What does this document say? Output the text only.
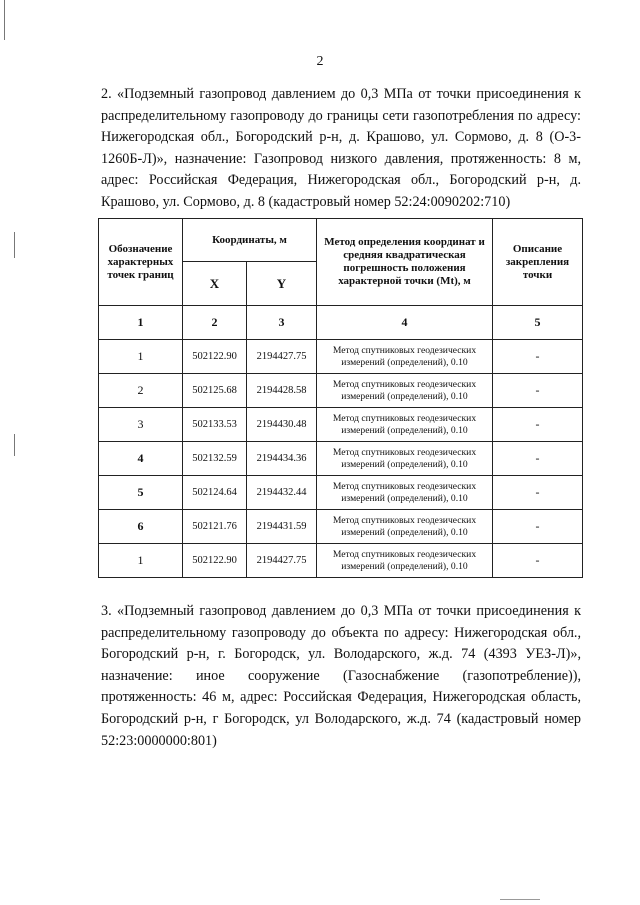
2
2. «Подземный газопровод давлением до 0,3 МПа от точки присоединения к распределительному газопроводу до границы сети газопотребления по адресу: Нижегородская обл., Богородский р-н, д. Крашово, ул. Сормово, д. 8 (О-3-1260Б-Л)», назначение: Газопровод низкого давления, протяженность: 8 м, адрес: Российская Федерация, Нижегородская обл., Богородский р-н, д. Крашово, ул. Сормово, д. 8 (кадастровый номер 52:24:0090202:710)
Обозначение характерных точек границ	Координаты, м		Метод определения координат и средняя квадратическая погрешность положения характерной точки (Mt), м	Описание закрепления точки
	X	Y		
1	2	3	4	5
1	502122.90	2194427.75	Метод спутниковых геодезических измерений (определений), 0.10	-
2	502125.68	2194428.58	Метод спутниковых геодезических измерений (определений), 0.10	-
3	502133.53	2194430.48	Метод спутниковых геодезических измерений (определений), 0.10	-
4	502132.59	2194434.36	Метод спутниковых геодезических измерений (определений), 0.10	-
5	502124.64	2194432.44	Метод спутниковых геодезических измерений (определений), 0.10	-
6	502121.76	2194431.59	Метод спутниковых геодезических измерений (определений), 0.10	-
1	502122.90	2194427.75	Метод спутниковых геодезических измерений (определений), 0.10	-
3. «Подземный газопровод давлением до 0,3 МПа от точки присоединения к распределительному газопроводу до объекта по адресу: Нижегородская обл., Богородский р-н, г. Богородск, ул. Володарского, ж.д. 74 (4393 УЕЗ-Л)», назначение: иное сооружение (Газоснабжение (газопотребление)), протяженность: 46 м, адрес: Российская Федерация, Нижегородская область, Богородский р-н, г Богородск, ул Володарского, ж.д. 74 (кадастровый номер 52:23:0000000:801)
